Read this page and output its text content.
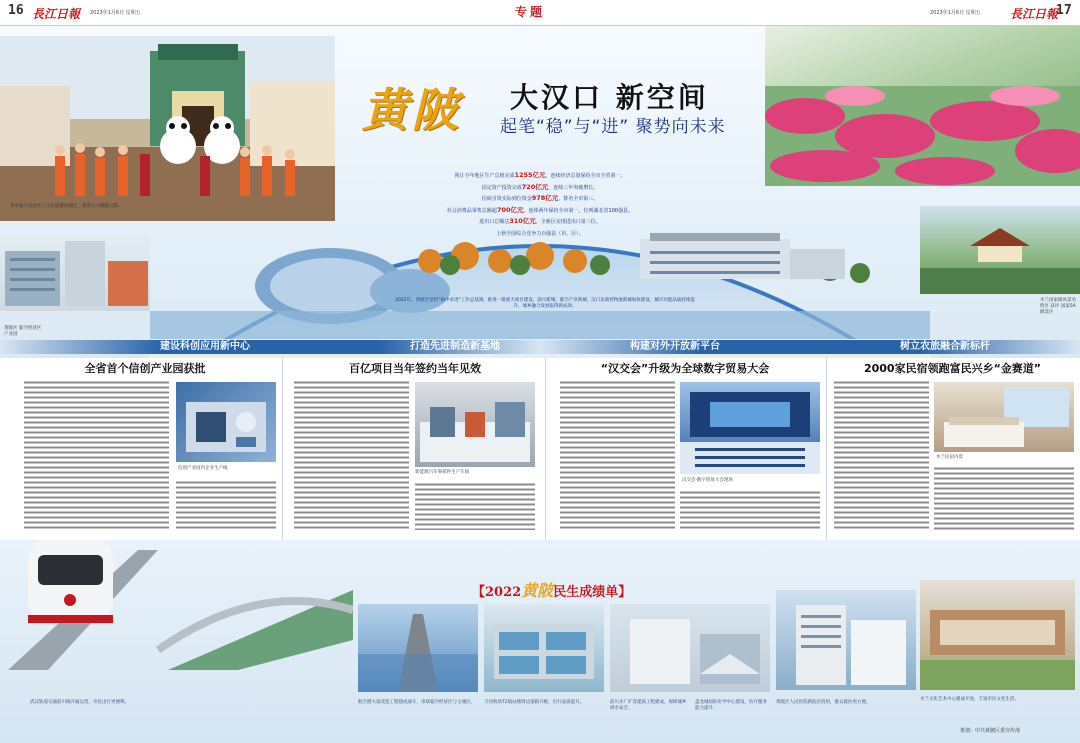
16 長江日報 2023年1月6日 星期五	专题	2023年1月6日 星期五 長江日報
17
华中最大乐园木兰文化旅游度假区，游客与大熊猫合影。
黄陂区 临空经济区 产业园
木兰国家级风景名胜区 获评 国家5A级景区
黄陂 大汉口 新空间
起笔“稳”与“进” 聚势向未来
预计全年地区生产总值完成1255亿元，连续经济总量保持全市全省第一。
固定资产投资完成720亿元，连续三年突破增长。
招商引资实际到位资金978亿元，排名全市第三。
社会消费品零售总额超700亿元，连续两年保持全市第一，位列湖北省100强县。
进出口总额达310亿元，全新区实现进出口第三位。
上榜全国综合竞争力百强县（市、区）。
2022年，黄陂区坚持“稳中求进”工作总基调，推进一批重大项目建设，前川新城、临空产业新城、汉口北商贸物流新城加快建设，城市功能品质持续提升，城乡融合发展取得新成效。
建设科创应用新中心	打造先进制造新基地	构建对外开放新平台	树立农旅融合新标杆
全省首个信创产业园获批
信创产业园内企业生产线
百亿项目当年签约当年见效
新能源汽车零部件生产车间
“汉交会”升级为全球数字贸易大会
汉交会·数字贸易大会现场
2000家民宿领跑富民兴乡“金赛道”
木兰民宿内景
【2022黄陂民生成绩单】
武汉轨道交通前川线开通运营，市民出行更便利。	航空港大道改造工程建成通车，串联临空经济区与主城区。	天河机场T2航站楼周边道路升级，出行品质提升。	前川水厂扩容提质工程建成，保障城乡供水安全。
盘龙城国际医学中心建设，医疗服务能力提升。
黄陂区人民医院新院区投用，群众就医更方便。
木兰文化艺术中心建成开放，丰富市民文化生活。
策划：中共黄陂区委宣传部
